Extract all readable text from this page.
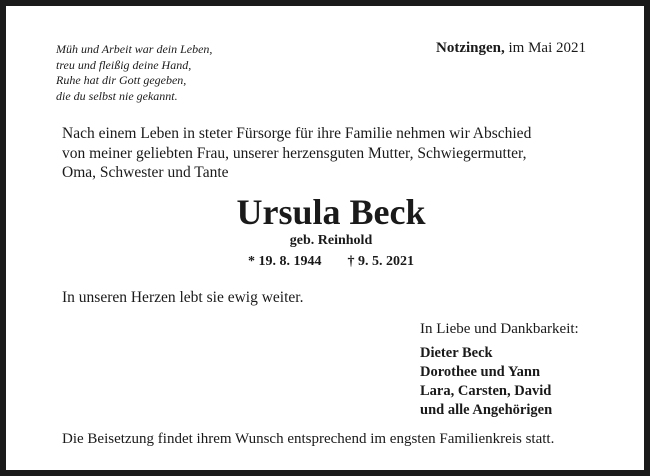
Müh und Arbeit war dein Leben,
treu und fleißig deine Hand,
Ruhe hat dir Gott gegeben,
die du selbst nie gekannt.
Notzingen, im Mai 2021
Nach einem Leben in steter Fürsorge für ihre Familie nehmen wir Abschied
von meiner geliebten Frau, unserer herzensguten Mutter, Schwiegermutter,
Oma, Schwester und Tante
Ursula Beck
geb. Reinhold
* 19. 8. 1944 † 9. 5. 2021
In unseren Herzen lebt sie ewig weiter.
In Liebe und Dankbarkeit:
Dieter Beck
Dorothee und Yann
Lara, Carsten, David
und alle Angehörigen
Die Beisetzung findet ihrem Wunsch entsprechend im engsten Familienkreis statt.
